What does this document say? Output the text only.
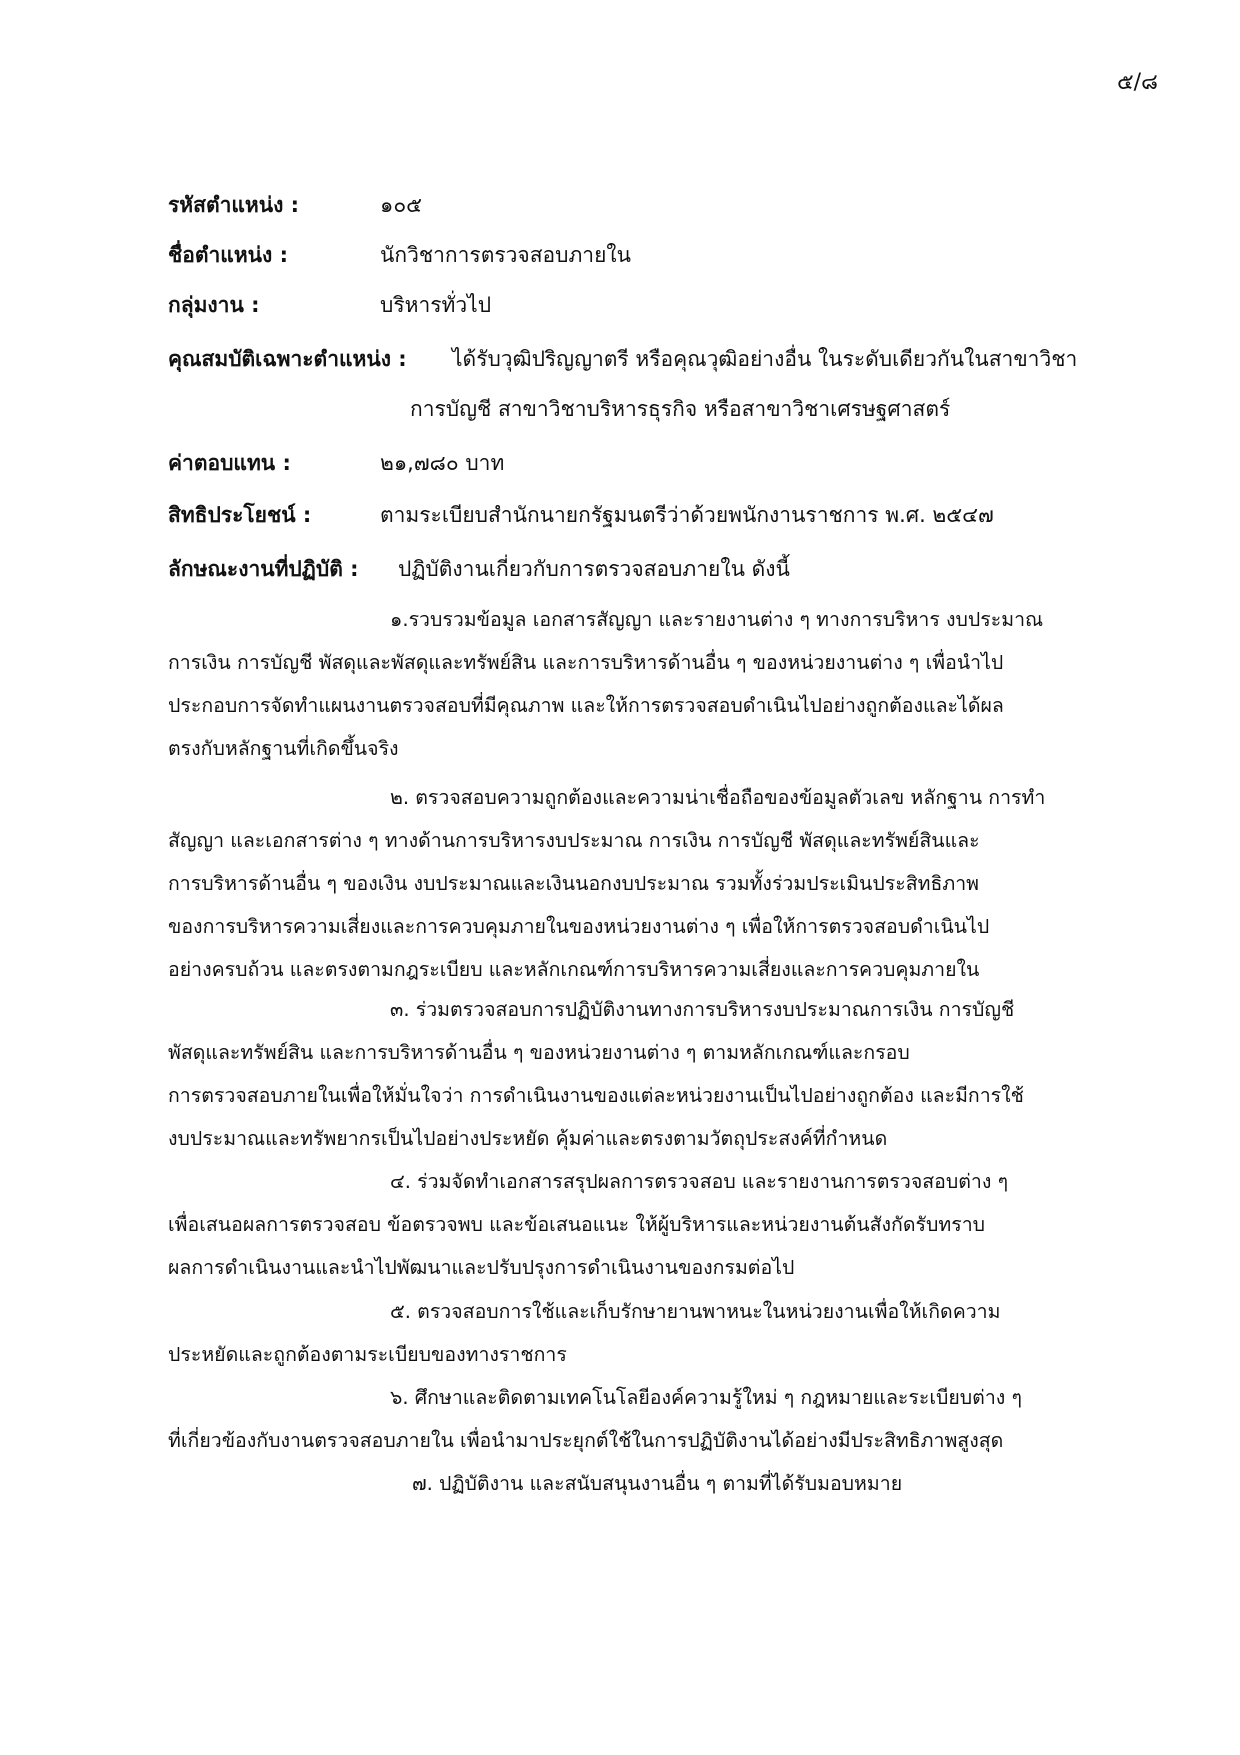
๕/๘
รหัสตำแหน่ง :	๑๐๕
ชื่อตำแหน่ง :	นักวิชาการตรวจสอบภายใน
กลุ่มงาน :	บริหารทั่วไป
คุณสมบัติเฉพาะตำแหน่ง : ได้รับวุฒิปริญญาตรี หรือคุณวุฒิอย่างอื่น ในระดับเดียวกันในสาขาวิชา
การบัญชี สาขาวิชาบริหารธุรกิจ หรือสาขาวิชาเศรษฐศาสตร์
ค่าตอบแทน :	๒๑,๗๘๐ บาท
สิทธิประโยชน์ :	ตามระเบียบสำนักนายกรัฐมนตรีว่าด้วยพนักงานราชการ พ.ศ. ๒๕๔๗
ลักษณะงานที่ปฏิบัติ : ปฏิบัติงานเกี่ยวกับการตรวจสอบภายใน ดังนี้
๑.รวบรวมข้อมูล เอกสารสัญญา และรายงานต่าง ๆ ทางการบริหาร งบประมาณ
การเงิน การบัญชี พัสดุและพัสดุและทรัพย์สิน และการบริหารด้านอื่น ๆ ของหน่วยงานต่าง ๆ เพื่อนำไป
ประกอบการจัดทำแผนงานตรวจสอบที่มีคุณภาพ และให้การตรวจสอบดำเนินไปอย่างถูกต้องและได้ผล
ตรงกับหลักฐานที่เกิดขึ้นจริง
๒. ตรวจสอบความถูกต้องและความน่าเชื่อถือของข้อมูลตัวเลข หลักฐาน การทำ
สัญญา และเอกสารต่าง ๆ ทางด้านการบริหารงบประมาณ การเงิน การบัญชี พัสดุและทรัพย์สินและ
การบริหารด้านอื่น ๆ ของเงิน งบประมาณและเงินนอกงบประมาณ รวมทั้งร่วมประเมินประสิทธิภาพ
ของการบริหารความเสี่ยงและการควบคุมภายในของหน่วยงานต่าง ๆ เพื่อให้การตรวจสอบดำเนินไป
อย่างครบถ้วน และตรงตามกฎระเบียบ และหลักเกณฑ์การบริหารความเสี่ยงและการควบคุมภายใน
๓. ร่วมตรวจสอบการปฏิบัติงานทางการบริหารงบประมาณการเงิน การบัญชี
พัสดุและทรัพย์สิน และการบริหารด้านอื่น ๆ ของหน่วยงานต่าง ๆ ตามหลักเกณฑ์และกรอบ
การตรวจสอบภายในเพื่อให้มั่นใจว่า การดำเนินงานของแต่ละหน่วยงานเป็นไปอย่างถูกต้อง และมีการใช้
งบประมาณและทรัพยากรเป็นไปอย่างประหยัด คุ้มค่าและตรงตามวัตถุประสงค์ที่กำหนด
๔. ร่วมจัดทำเอกสารสรุปผลการตรวจสอบ และรายงานการตรวจสอบต่าง ๆ
เพื่อเสนอผลการตรวจสอบ ข้อตรวจพบ และข้อเสนอแนะ ให้ผู้บริหารและหน่วยงานต้นสังกัดรับทราบ
ผลการดำเนินงานและนำไปพัฒนาและปรับปรุงการดำเนินงานของกรมต่อไป
๕. ตรวจสอบการใช้และเก็บรักษายานพาหนะในหน่วยงานเพื่อให้เกิดความ
ประหยัดและถูกต้องตามระเบียบของทางราชการ
๖. ศึกษาและติดตามเทคโนโลยีองค์ความรู้ใหม่ ๆ กฎหมายและระเบียบต่าง ๆ
ที่เกี่ยวข้องกับงานตรวจสอบภายใน เพื่อนำมาประยุกต์ใช้ในการปฏิบัติงานได้อย่างมีประสิทธิภาพสูงสุด
๗. ปฏิบัติงาน และสนับสนุนงานอื่น ๆ ตามที่ได้รับมอบหมาย
